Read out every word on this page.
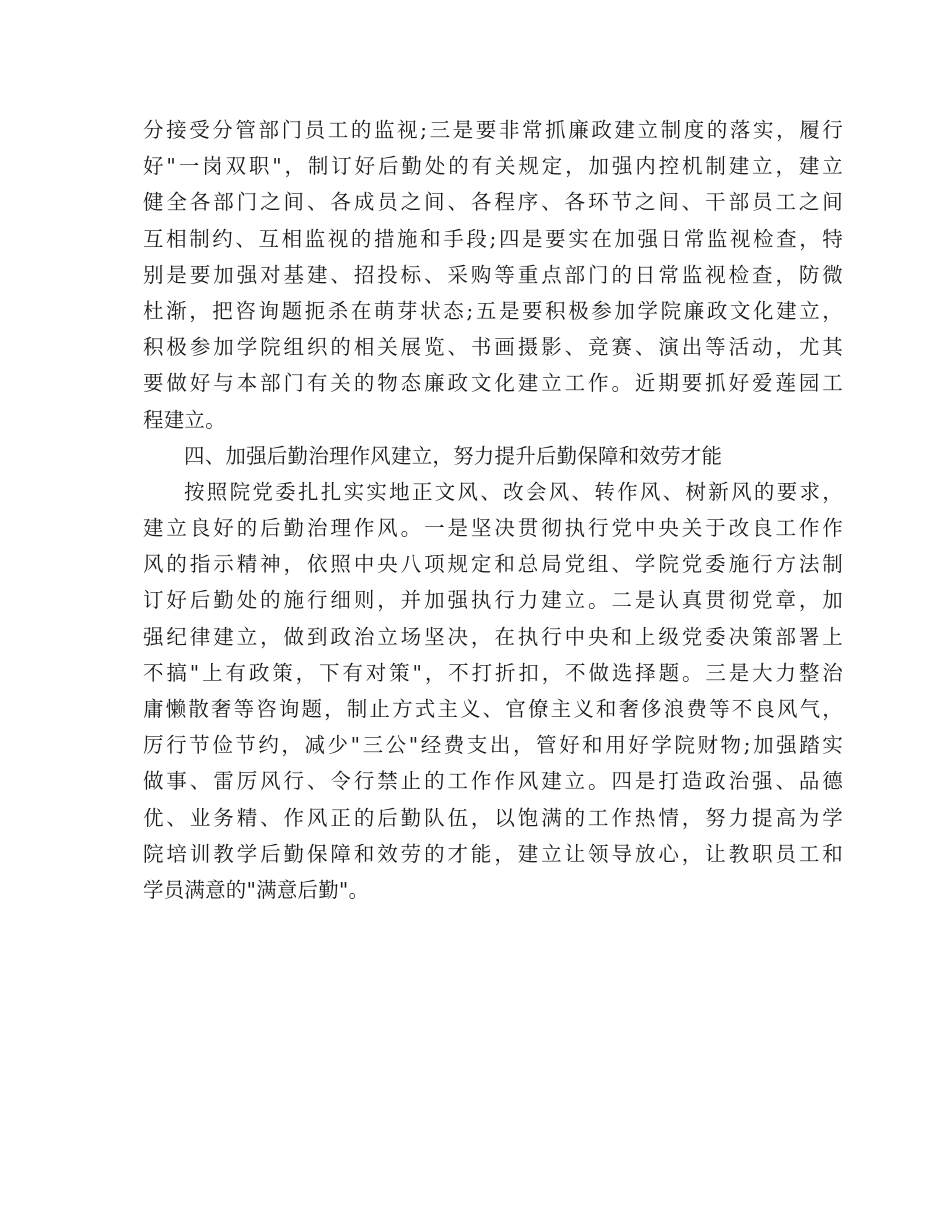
分接受分管部门员工的监视;三是要非常抓廉政建立制度的落实，履行
好"一岗双职"，制订好后勤处的有关规定，加强内控机制建立，建立
健全各部门之间、各成员之间、各程序、各环节之间、干部员工之间
互相制约、互相监视的措施和手段;四是要实在加强日常监视检查，特
别是要加强对基建、招投标、采购等重点部门的日常监视检查，防微
杜渐，把咨询题扼杀在萌芽状态;五是要积极参加学院廉政文化建立，
积极参加学院组织的相关展览、书画摄影、竞赛、演出等活动，尤其
要做好与本部门有关的物态廉政文化建立工作。近期要抓好爱莲园工
程建立。
四、加强后勤治理作风建立，努力提升后勤保障和效劳才能
按照院党委扎扎实实地正文风、改会风、转作风、树新风的要求，
建立良好的后勤治理作风。一是坚决贯彻执行党中央关于改良工作作
风的指示精神，依照中央八项规定和总局党组、学院党委施行方法制
订好后勤处的施行细则，并加强执行力建立。二是认真贯彻党章，加
强纪律建立，做到政治立场坚决，在执行中央和上级党委决策部署上
不搞"上有政策，下有对策"，不打折扣，不做选择题。三是大力整治
庸懒散奢等咨询题，制止方式主义、官僚主义和奢侈浪费等不良风气，
厉行节俭节约，减少"三公"经费支出，管好和用好学院财物;加强踏实
做事、雷厉风行、令行禁止的工作作风建立。四是打造政治强、品德
优、业务精、作风正的后勤队伍，以饱满的工作热情，努力提高为学
院培训教学后勤保障和效劳的才能，建立让领导放心，让教职员工和
学员满意的"满意后勤"。
